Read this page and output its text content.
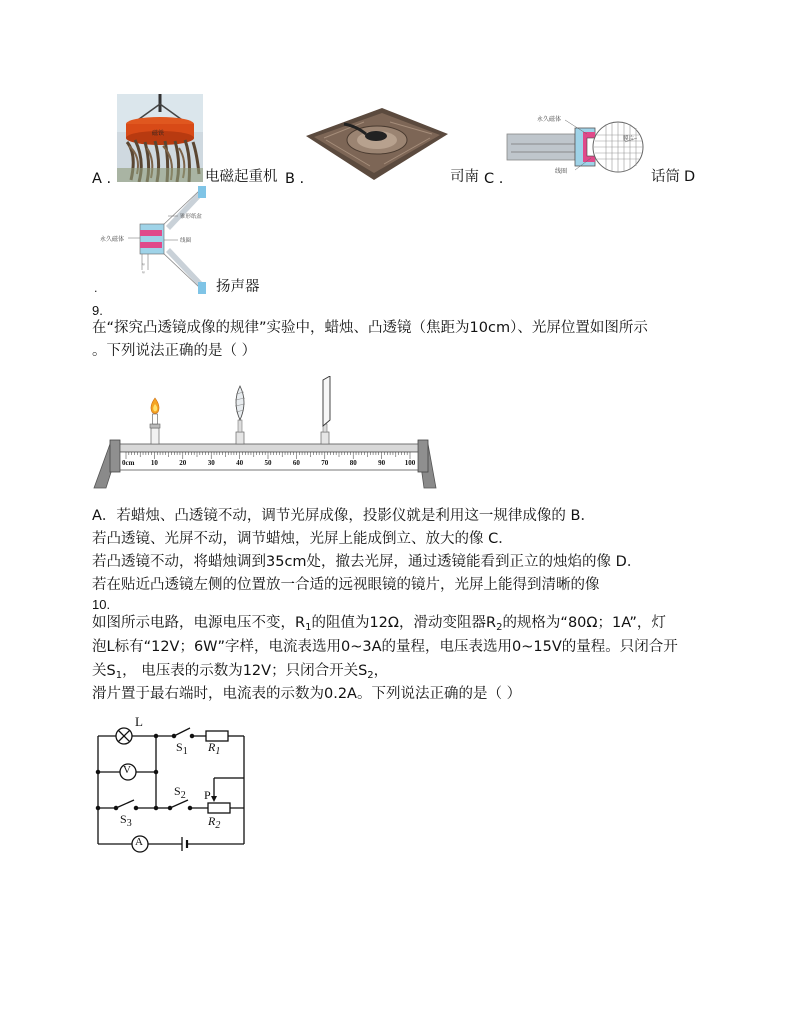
A .
磁铁
电磁起重机 B .	司南 C .
永久磁体
膜片
线圈	话筒 D
.
≈
≈
锥形纸盆
永久磁体	线圈
扬声器
9.
在“探究凸透镜成像的规律”实验中，蜡烛、凸透镜（焦距为10cm）、光屏位置如图所示
。下列说法正确的是（ ）
10	20	30	40	50	60	70	80	90	100
0cm
A．若蜡烛、凸透镜不动，调节光屏成像，投影仪就是利用这一规律成像的 B．
若凸透镜、光屏不动，调节蜡烛，光屏上能成倒立、放大的像 C．
若凸透镜不动，将蜡烛调到35cm处，撤去光屏，通过透镜能看到正立的烛焰的像 D．
若在贴近凸透镜左侧的位置放一合适的远视眼镜的镜片，光屏上能得到清晰的像
10.
如图所示电路，电源电压不变，$R_1$的阻值为12Ω，滑动变阻器$R_2$的规格为“80Ω；1A”，灯
泡L标有“12V；6W”字样，电流表选用0~3A的量程，电压表选用0~15V的量程。只闭合开
关$S_1$， 电压表的示数为12V；只闭合开关$S_2$，
滑片置于最右端时，电流表的示数为0.2A。下列说法正确的是（ ）
L
V
A
$S_1$ $R_1$
$S_2$ P
$R_2$
$S_3$
